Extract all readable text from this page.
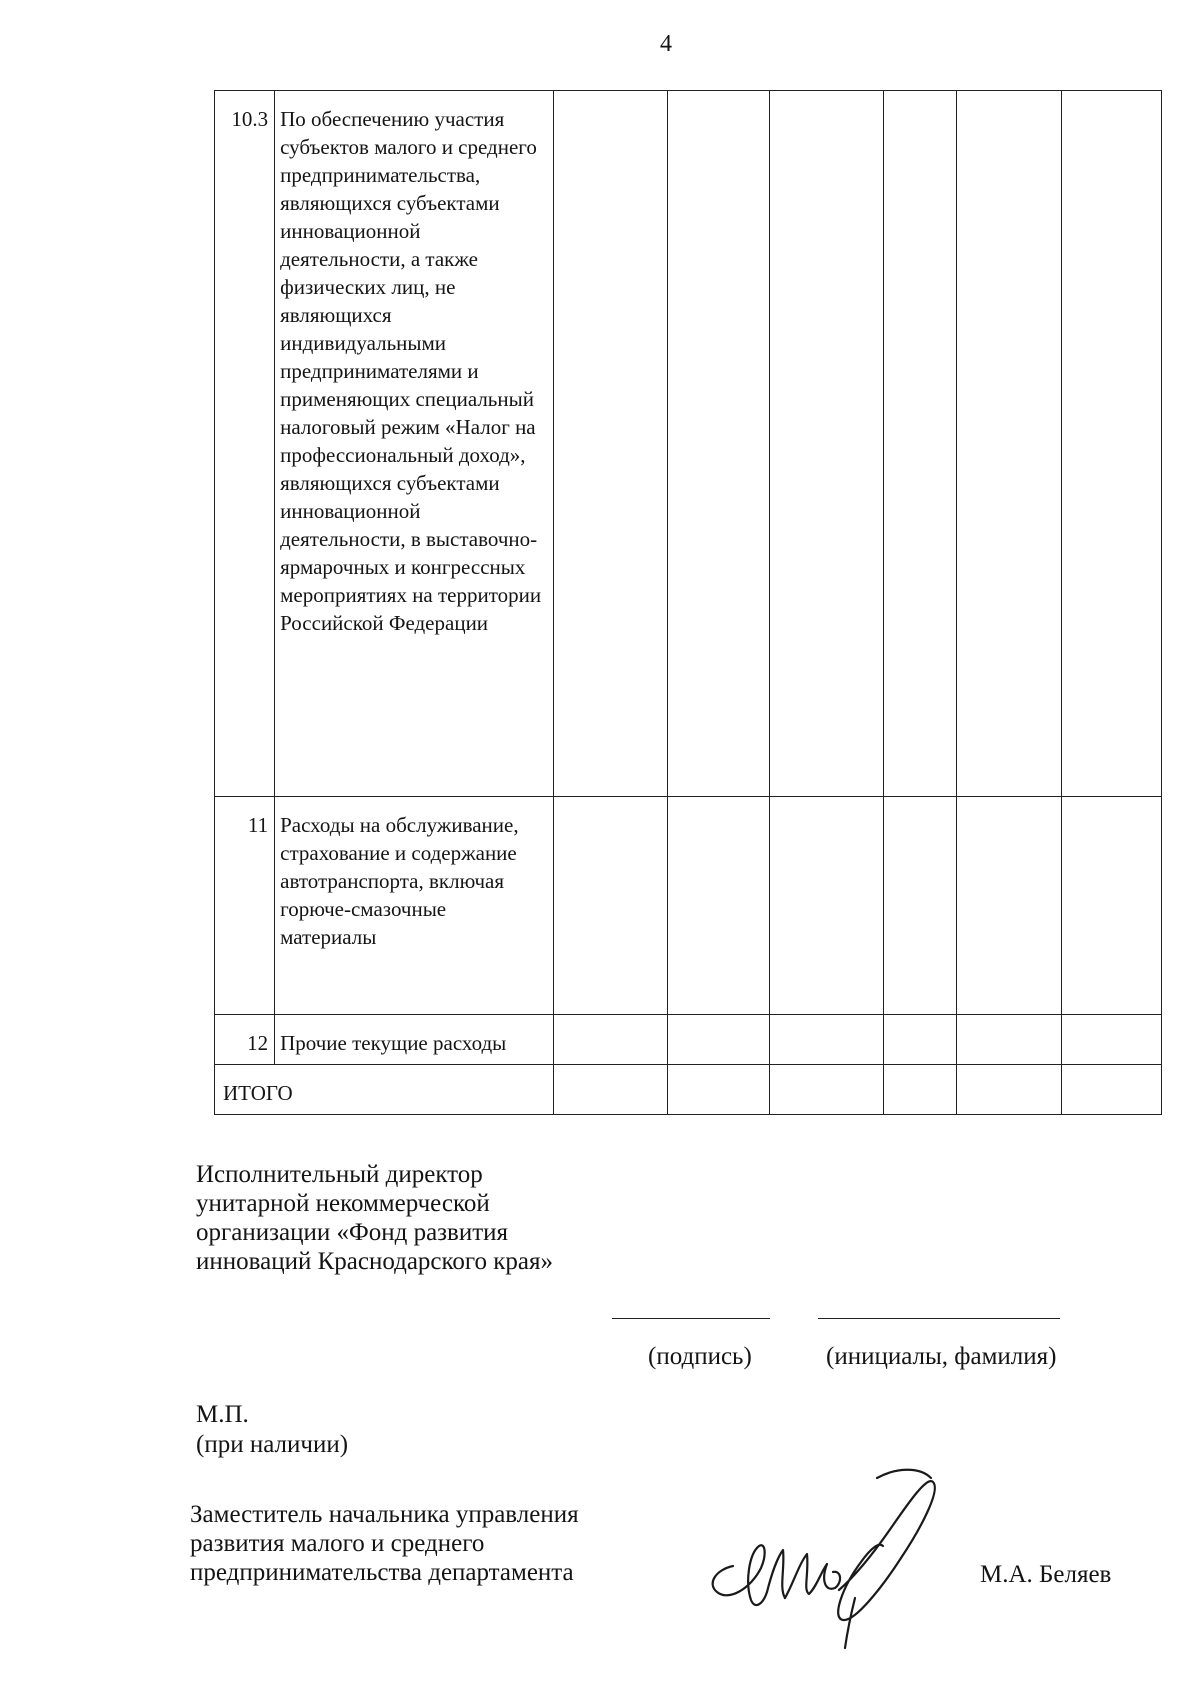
4
10.3	По обеспечению участия субъектов малого и среднего предпринимательства, являющихся субъектами инновационной деятельности, а также физических лиц, не являющихся индивидуальными предпринимателями и применяющих специальный налоговый режим «Налог на профессиональный доход», являющихся субъектами инновационной деятельности, в выставочно-ярмарочных и конгрессных мероприятиях на территории Российской Федерации						
11	Расходы на обслуживание, страхование и содержание автотранспорта, включая горюче-смазочные материалы						
12	Прочие текущие расходы						
ИТОГО							
Исполнительный директор унитарной некоммерческой организации «Фонд развития инноваций Краснодарского края»
(подпись)	(инициалы, фамилия)
М.П.
(при наличии)
Заместитель начальника управления развития малого и среднего предпринимательства департамента	М.А. Беляев
